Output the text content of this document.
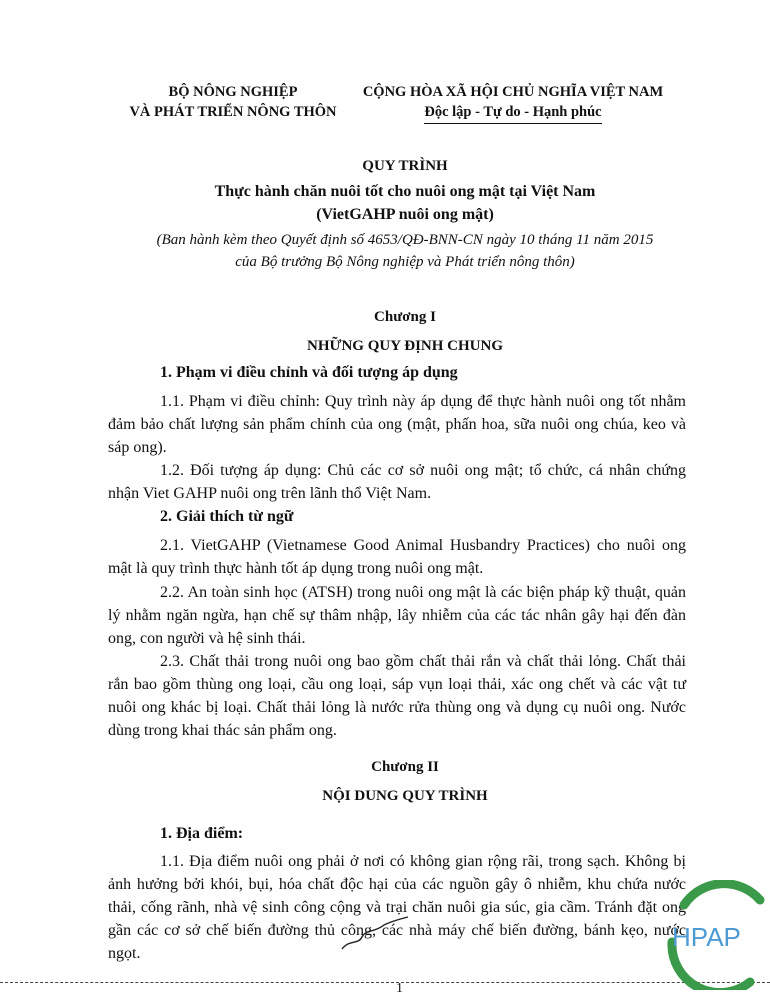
BỘ NÔNG NGHIỆP
VÀ PHÁT TRIỂN NÔNG THÔN
CỘNG HÒA XÃ HỘI CHỦ NGHĨA VIỆT NAM
Độc lập - Tự do - Hạnh phúc
QUY TRÌNH
Thực hành chăn nuôi tốt cho nuôi ong mật tại Việt Nam
(VietGAHP nuôi ong mật)
(Ban hành kèm theo Quyết định số 4653/QĐ-BNN-CN ngày 10 tháng 11 năm 2015
của Bộ trưởng Bộ Nông nghiệp và Phát triển nông thôn)
Chương I
NHỮNG QUY ĐỊNH CHUNG
1. Phạm vi điều chỉnh và đối tượng áp dụng
1.1. Phạm vi điều chỉnh: Quy trình này áp dụng để thực hành nuôi ong tốt nhằm đảm bảo chất lượng sản phẩm chính của ong (mật, phấn hoa, sữa nuôi ong chúa, keo và sáp ong).
1.2. Đối tượng áp dụng: Chủ các cơ sở nuôi ong mật; tổ chức, cá nhân chứng nhận Viet GAHP nuôi ong trên lãnh thổ Việt Nam.
2. Giải thích từ ngữ
2.1. VietGAHP (Vietnamese Good Animal Husbandry Practices) cho nuôi ong mật là quy trình thực hành tốt áp dụng trong nuôi ong mật.
2.2. An toàn sinh học (ATSH) trong nuôi ong mật là các biện pháp kỹ thuật, quản lý nhằm ngăn ngừa, hạn chế sự thâm nhập, lây nhiễm của các tác nhân gây hại đến đàn ong, con người và hệ sinh thái.
2.3. Chất thải trong nuôi ong bao gồm chất thải rắn và chất thải lỏng. Chất thải rắn bao gồm thùng ong loại, cầu ong loại, sáp vụn loại thải, xác ong chết và các vật tư nuôi ong khác bị loại. Chất thải lỏng là nước rửa thùng ong và dụng cụ nuôi ong. Nước dùng trong khai thác sản phẩm ong.
Chương II
NỘI DUNG QUY TRÌNH
1. Địa điểm:
1.1. Địa điểm nuôi ong phải ở nơi có không gian rộng rãi, trong sạch. Không bị ảnh hưởng bởi khói, bụi, hóa chất độc hại của các nguồn gây ô nhiễm, khu chứa nước thải, cống rãnh, nhà vệ sinh công cộng và trại chăn nuôi gia súc, gia cầm. Tránh đặt ong gần các cơ sở chế biến đường thủ công, các nhà máy chế biến đường, bánh kẹo, nước ngọt.
1
HPAP
